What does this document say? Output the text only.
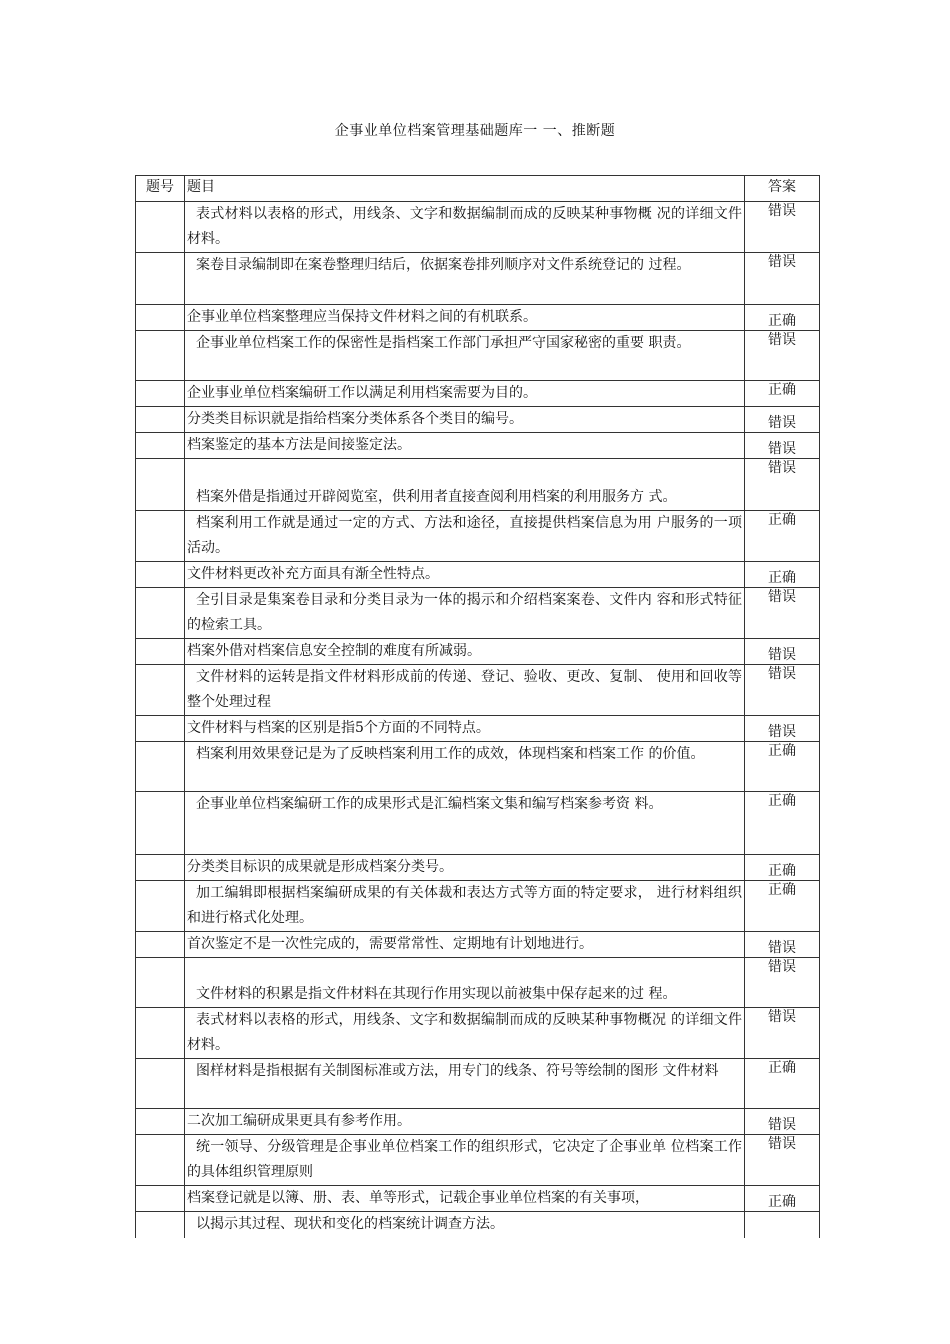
企事业单位档案管理基础题库一 一、推断题
题号	题目	答案
	表式材料以表格的形式，用线条、文字和数据编制而成的反映某种事物概 况的详细文件材料。	错误
	案卷目录编制即在案卷整理归结后，依据案卷排列顺序对文件系统登记的 过程。	错误
	企事业单位档案整理应当保持文件材料之间的有机联系。	正确
	企事业单位档案工作的保密性是指档案工作部门承担严守国家秘密的重要 职责。	错误
	企业事业单位档案编研工作以满足利用档案需要为目的。	正确
	分类类目标识就是指给档案分类体系各个类目的编号。	错误
	档案鉴定的基本方法是间接鉴定法。	错误
	档案外借是指通过开辟阅览室，供利用者直接查阅利用档案的利用服务方 式。	错误
	档案利用工作就是通过一定的方式、方法和途径，直接提供档案信息为用 户服务的一项活动。	正确
	文件材料更改补充方面具有渐全性特点。	正确
	全引目录是集案卷目录和分类目录为一体的揭示和介绍档案案卷、文件内 容和形式特征的检索工具。	错误
	档案外借对档案信息安全控制的难度有所减弱。	错误
	文件材料的运转是指文件材料形成前的传递、登记、验收、更改、复制、 使用和回收等整个处理过程	错误
	文件材料与档案的区别是指5个方面的不同特点。	错误
	档案利用效果登记是为了反映档案利用工作的成效，体现档案和档案工作 的价值。	正确
	企事业单位档案编研工作的成果形式是汇编档案文集和编写档案参考资 料。	正确
	分类类目标识的成果就是形成档案分类号。	正确
	加工编辑即根据档案编研成果的有关体裁和表达方式等方面的特定要求， 进行材料组织和进行格式化处理。	正确
	首次鉴定不是一次性完成的，需要常常性、定期地有计划地进行。	错误
	文件材料的积累是指文件材料在其现行作用实现以前被集中保存起来的过 程。	错误
	表式材料以表格的形式，用线条、文字和数据编制而成的反映某种事物概况 的详细文件材料。	错误
	图样材料是指根据有关制图标准或方法，用专门的线条、符号等绘制的图形 文件材料	正确
	二次加工编研成果更具有参考作用。	错误
	统一领导、分级管理是企事业单位档案工作的组织形式，它决定了企事业单 位档案工作的具体组织管理原则	错误
	档案登记就是以簿、册、表、单等形式，记载企事业单位档案的有关事项，	正确
	以揭示其过程、现状和变化的档案统计调查方法。	
